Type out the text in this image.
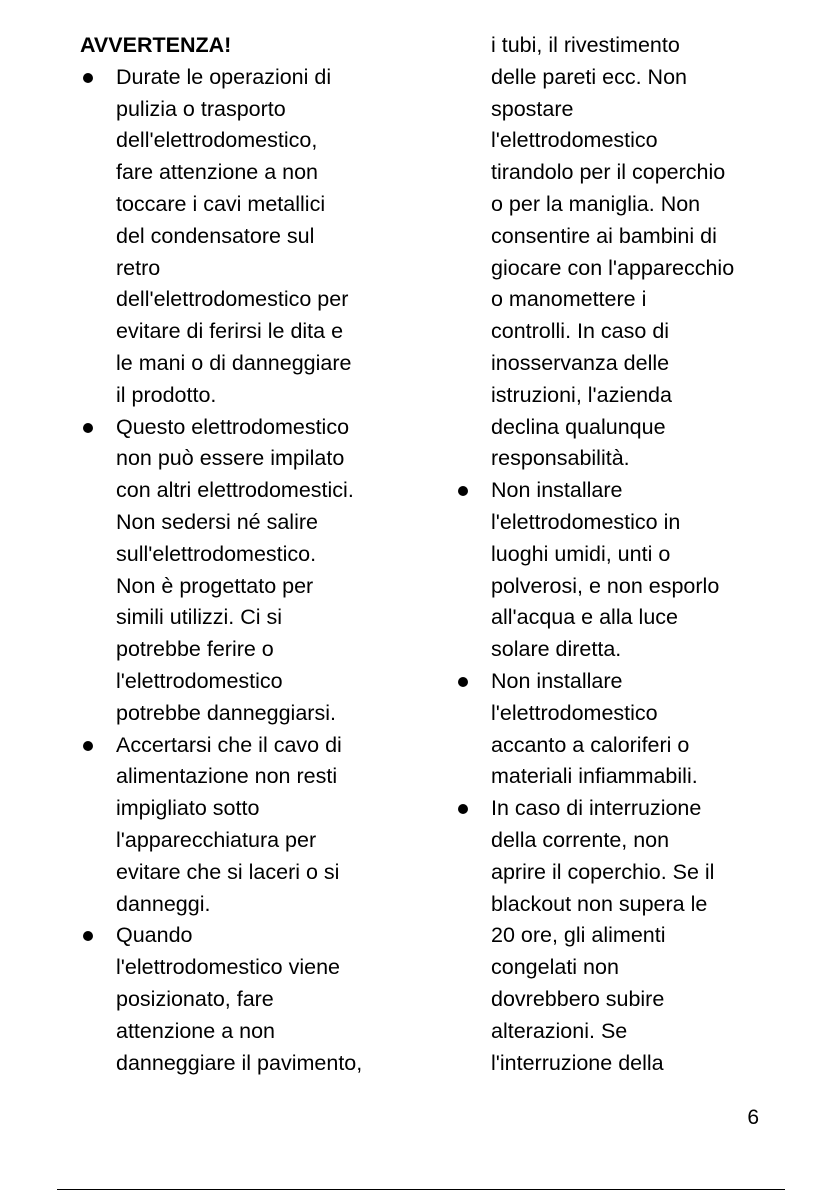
AVVERTENZA!

Durate le operazioni di
pulizia o trasporto
dell'elettrodomestico,
fare attenzione a non
toccare i cavi metallici
del condensatore sul
retro
dell'elettrodomestico per
evitare di ferirsi le dita e
le mani o di danneggiare
il prodotto.
Questo elettrodomestico
non può essere impilato
con altri elettrodomestici.
Non sedersi né salire
sull'elettrodomestico.
Non è progettato per
simili utilizzi. Ci si
potrebbe ferire o
l'elettrodomestico
potrebbe danneggiarsi.
Accertarsi che il cavo di
alimentazione non resti
impigliato sotto
l'apparecchiatura per
evitare che si laceri o si
danneggi.
Quando
l'elettrodomestico viene
posizionato, fare
attenzione a non
danneggiare il pavimento,
i tubi, il rivestimento
delle pareti ecc. Non
spostare
l'elettrodomestico
tirandolo per il coperchio
o per la maniglia. Non
consentire ai bambini di
giocare con l'apparecchio
o manomettere i
controlli. In caso di
inosservanza delle
istruzioni, l'azienda
declina qualunque
responsabilità.
Non installare
l'elettrodomestico in
luoghi umidi, unti o
polverosi, e non esporlo
all'acqua e alla luce
solare diretta.
Non installare
l'elettrodomestico
accanto a caloriferi o
materiali infiammabili.
In caso di interruzione
della corrente, non
aprire il coperchio. Se il
blackout non supera le
20 ore, gli alimenti
congelati non
dovrebbero subire
alterazioni. Se
l'interruzione della
6
